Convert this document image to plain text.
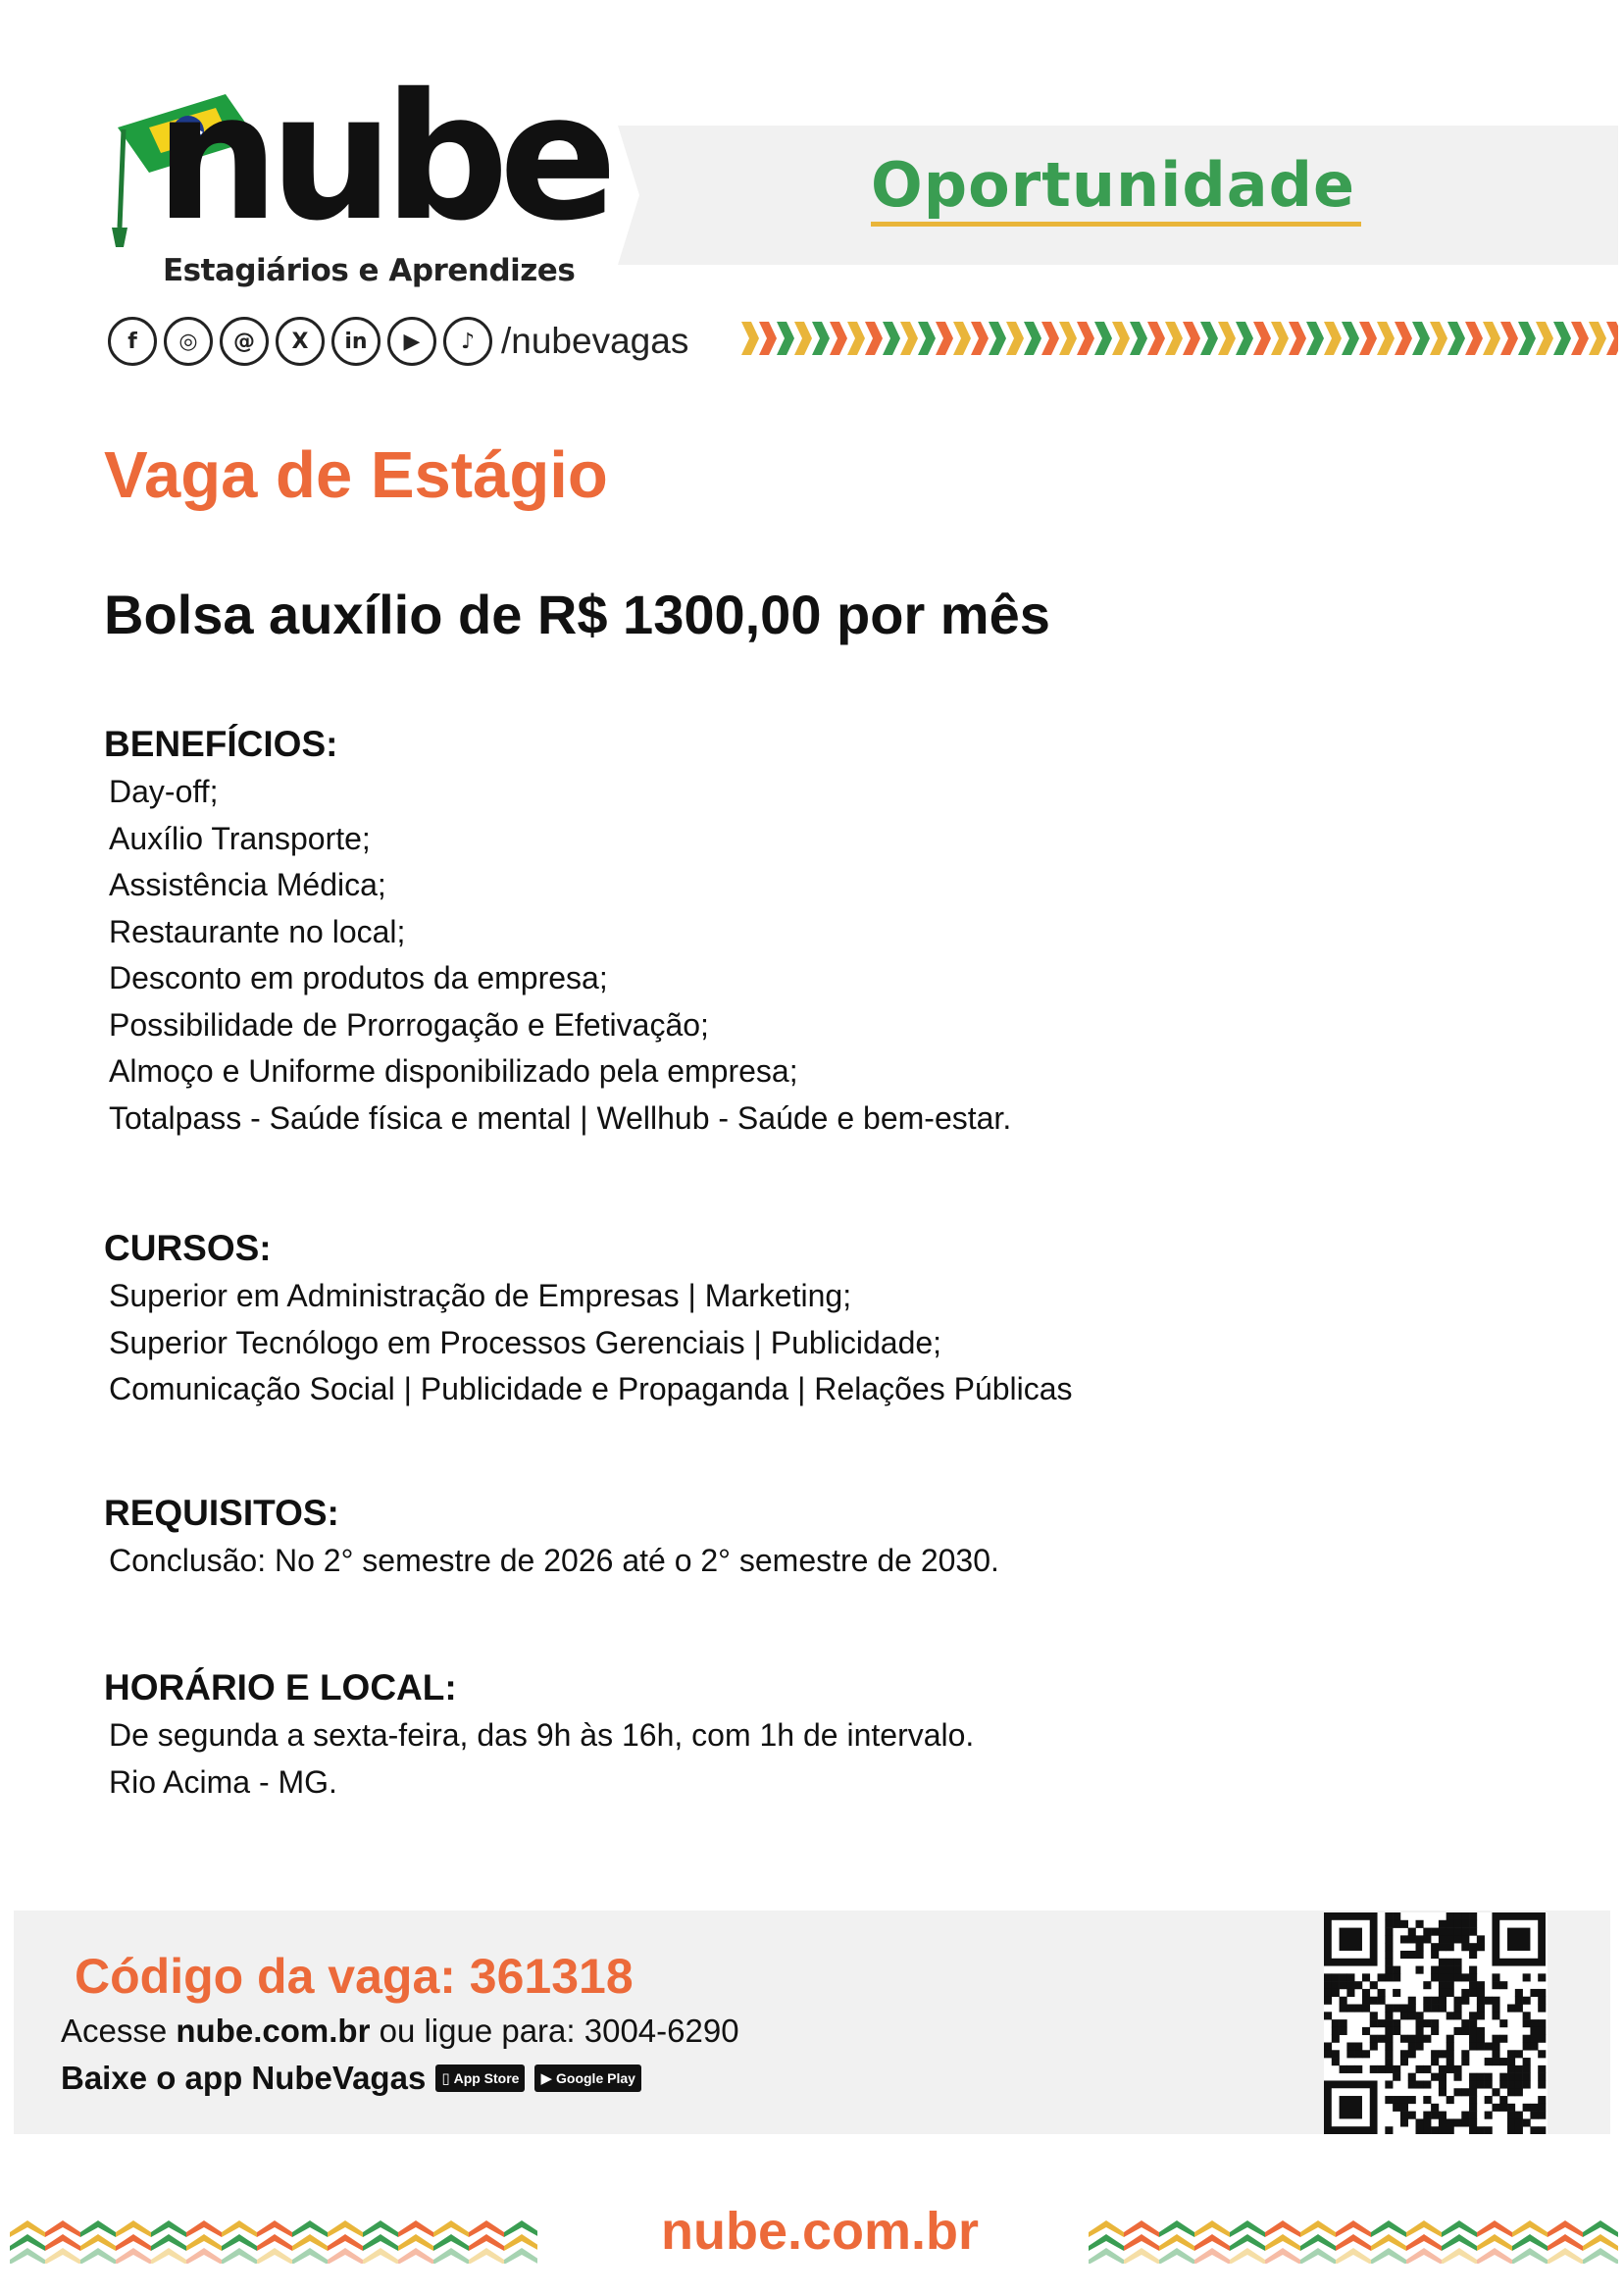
nube
Estagiários e Aprendizes
Oportunidade
f	◎	@	X	in	▶	♪ /nubevagas
Vaga de Estágio
Bolsa auxílio de R$ 1300,00 por mês
BENEFÍCIOS:
Day-off;
Auxílio Transporte;
Assistência Médica;
Restaurante no local;
Desconto em produtos da empresa;
Possibilidade de Prorrogação e Efetivação;
Almoço e Uniforme disponibilizado pela empresa;
Totalpass - Saúde física e mental | Wellhub - Saúde e bem-estar.
CURSOS:
Superior em Administração de Empresas | Marketing;
Superior Tecnólogo em Processos Gerenciais | Publicidade;
Comunicação Social | Publicidade e Propaganda | Relações Públicas
REQUISITOS:
Conclusão: No 2° semestre de 2026 até o 2° semestre de 2030.
HORÁRIO E LOCAL:
De segunda a sexta-feira, das 9h às 16h, com 1h de intervalo.
Rio Acima - MG.
Código da vaga: 361318
Acesse nube.com.br ou ligue para: 3004-6290
Baixe o app NubeVagas ▯ App Store ▶ Google Play
nube.com.br
